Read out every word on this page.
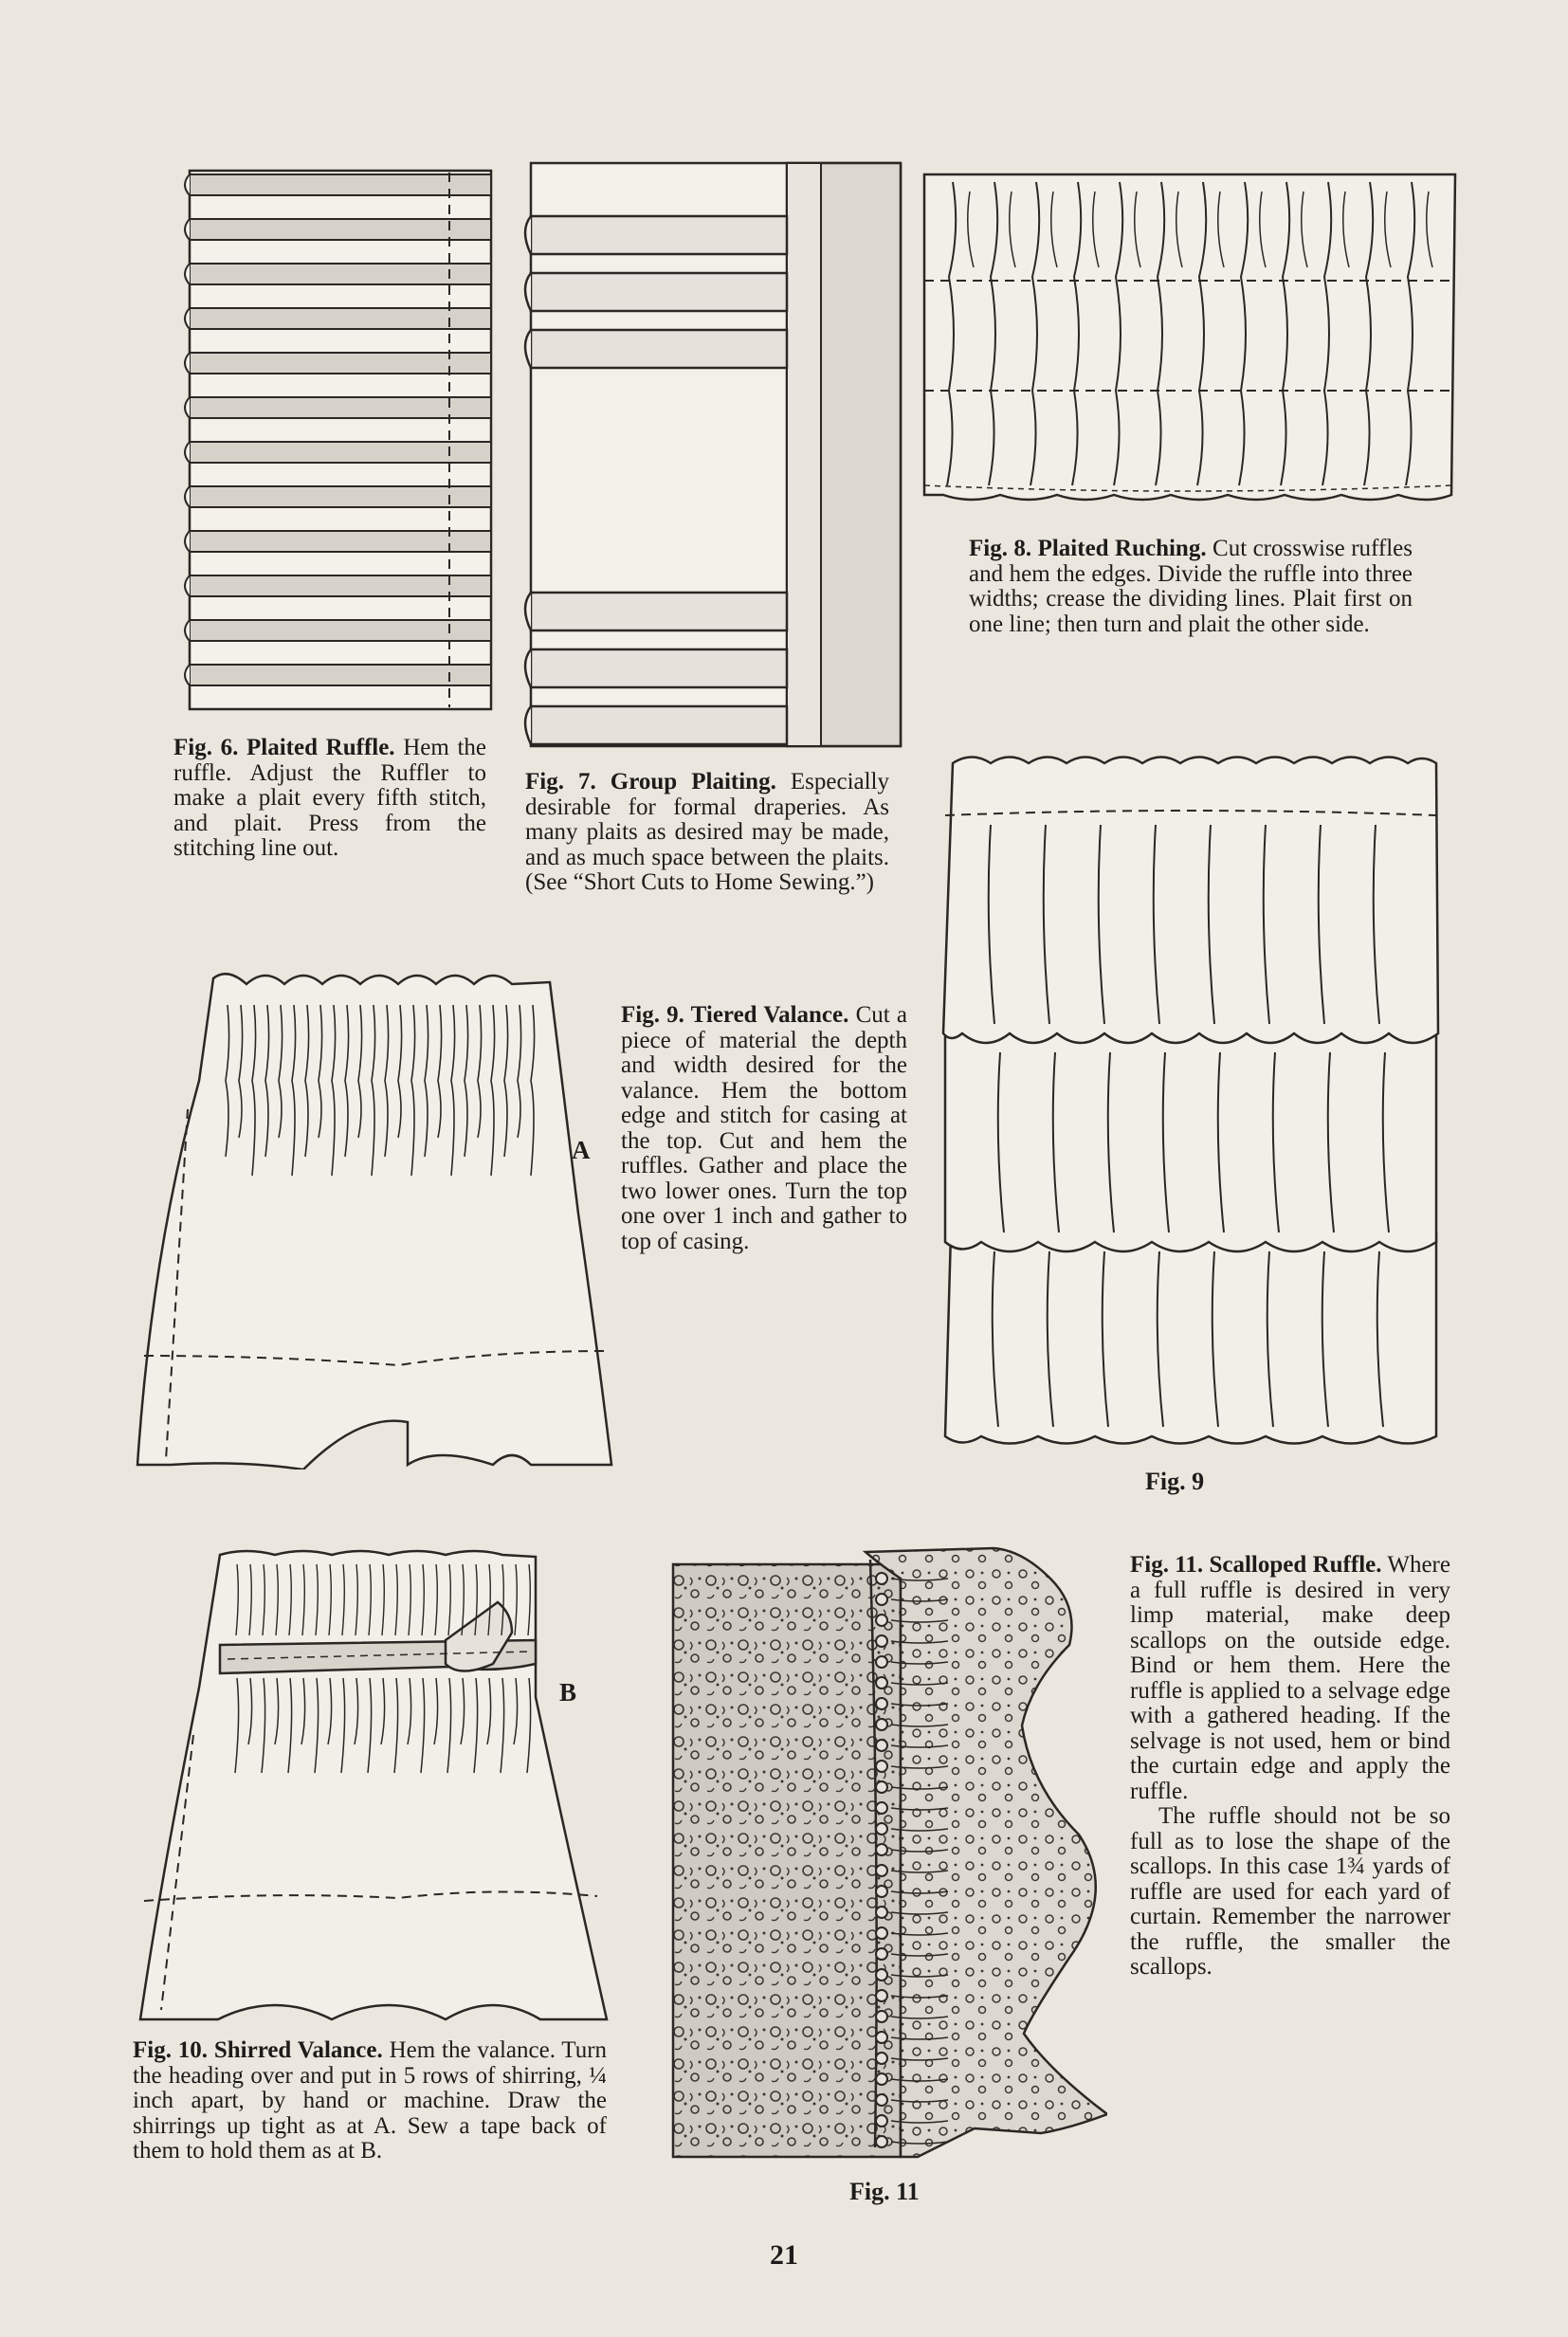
Fig. 6. Plaited Ruffle. Hem the ruffle. Adjust the Ruffler to make a plait every fifth stitch, and plait. Press from the stitching line out.
Fig. 7. Group Plaiting. Especially desirable for formal draperies. As many plaits as desired may be made, and as much space between the plaits. (See “Short Cuts to Home Sewing.”)
Fig. 8. Plaited Ruching. Cut crosswise ruffles and hem the edges. Divide the ruffle into three widths; crease the dividing lines. Plait first on one line; then turn and plait the other side.
A
Fig. 9. Tiered Valance. Cut a piece of material the depth and width desired for the valance. Hem the bottom edge and stitch for casing at the top. Cut and hem the ruffles. Gather and place the two lower ones. Turn the top one over 1 inch and gather to top of casing.
Fig. 9
B
Fig. 10. Shirred Valance. Hem the valance. Turn the heading over and put in 5 rows of shirring, ¼ inch apart, by hand or machine. Draw the shirrings up tight as at A. Sew a tape back of them to hold them as at B.
Fig. 11
Fig. 11. Scalloped Ruffle. Where a full ruffle is desired in very limp material, make deep scallops on the outside edge. Bind or hem them. Here the ruffle is applied to a selvage edge with a gathered heading. If the selvage is not used, hem or bind the curtain edge and apply the ruffle.
The ruffle should not be so full as to lose the shape of the scallops. In this case 1¾ yards of ruffle are used for each yard of curtain. Remember the narrower the ruffle, the smaller the scallops.
21
